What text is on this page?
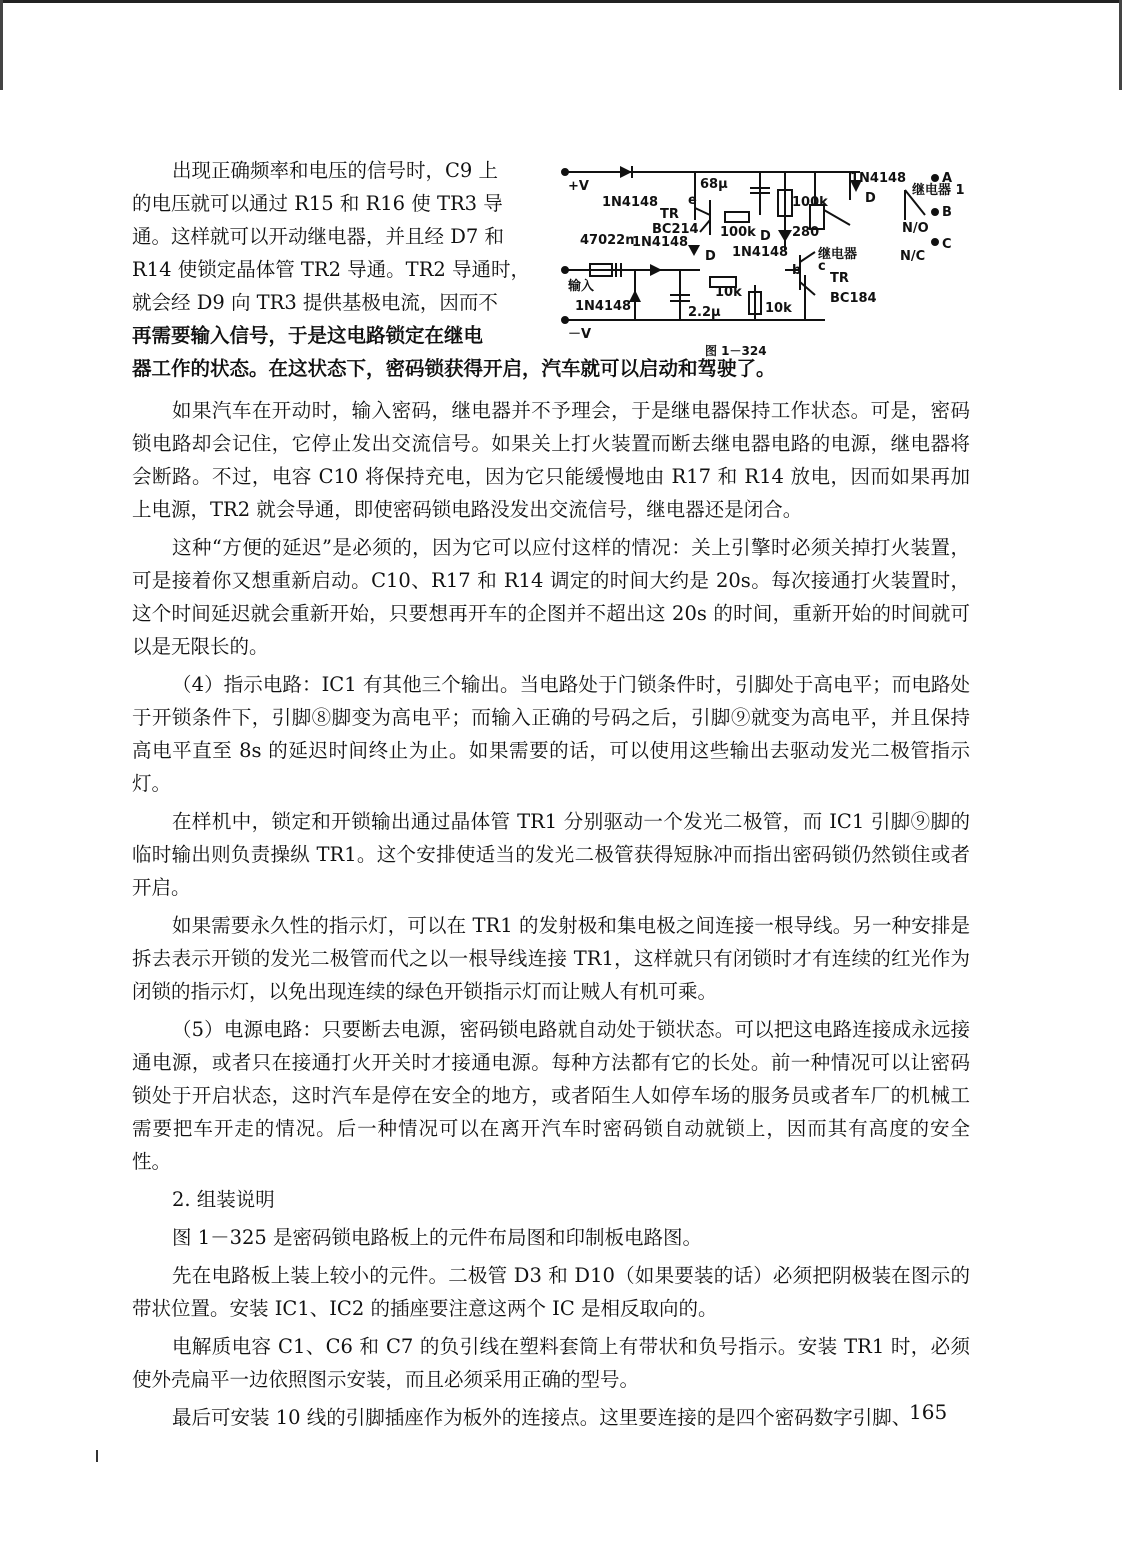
出现正确频率和电压的信号时，C9 上
的电压就可以通过 R15 和 R16 使 TR3 导
通。这样就可以开动继电器，并且经 D7 和
R14 使锁定晶体管 TR2 导通。TR2 导通时，
就会经 D9 向 TR3 提供基极电流，因而不
再需要输入信号，于是这电路锁定在继电
器工作的状态。在这状态下，密码锁获得开启，汽车就可以启动和驾驶了。
+V
－V
输入
1N4148
1N4148
1N4148
1N4148
1N4148
TR
BC214
TR
BC184
47022n
2.2μ
68μ
100k
100k
10k
10k
280
继电器
继电器 1
N/O
N/C
A
B
C
D
D
D
e
b c
图 1－324

如果汽车在开动时，输入密码，继电器并不予理会，于是继电器保持工作状态。可是，密码锁电路却会记住，它停止发出交流信号。如果关上打火装置而断去继电器电路的电源，继电器将会断路。不过，电容 C10 将保持充电，因为它只能缓慢地由 R17 和 R14 放电，因而如果再加上电源，TR2 就会导通，即使密码锁电路没发出交流信号，继电器还是闭合。

这种“方便的延迟”是必须的，因为它可以应付这样的情况：关上引擎时必须关掉打火装置，可是接着你又想重新启动。C10、R17 和 R14 调定的时间大约是 20s。每次接通打火装置时，这个时间延迟就会重新开始，只要想再开车的企图并不超出这 20s 的时间，重新开始的时间就可以是无限长的。

（4）指示电路：IC1 有其他三个输出。当电路处于门锁条件时，引脚处于高电平；而电路处于开锁条件下，引脚⑧脚变为高电平；而输入正确的号码之后，引脚⑨就变为高电平，并且保持高电平直至 8s 的延迟时间终止为止。如果需要的话，可以使用这些输出去驱动发光二极管指示灯。

在样机中，锁定和开锁输出通过晶体管 TR1 分别驱动一个发光二极管，而 IC1 引脚⑨脚的临时输出则负责操纵 TR1。这个安排使适当的发光二极管获得短脉冲而指出密码锁仍然锁住或者开启。

如果需要永久性的指示灯，可以在 TR1 的发射极和集电极之间连接一根导线。另一种安排是拆去表示开锁的发光二极管而代之以一根导线连接 TR1，这样就只有闭锁时才有连续的红光作为闭锁的指示灯，以免出现连续的绿色开锁指示灯而让贼人有机可乘。

（5）电源电路：只要断去电源，密码锁电路就自动处于锁状态。可以把这电路连接成永远接通电源，或者只在接通打火开关时才接通电源。每种方法都有它的长处。前一种情况可以让密码锁处于开启状态，这时汽车是停在安全的地方，或者陌生人如停车场的服务员或者车厂的机械工需要把车开走的情况。后一种情况可以在离开汽车时密码锁自动就锁上，因而其有高度的安全性。

2. 组装说明

图 1－325 是密码锁电路板上的元件布局图和印制板电路图。

先在电路板上装上较小的元件。二极管 D3 和 D10（如果要装的话）必须把阴极装在图示的带状位置。安装 IC1、IC2 的插座要注意这两个 IC 是相反取向的。

电解质电容 C1、C6 和 C7 的负引线在塑料套筒上有带状和负号指示。安装 TR1 时，必须使外壳扁平一边依照图示安装，而且必须采用正确的型号。

最后可安装 10 线的引脚插座作为板外的连接点。这里要连接的是四个密码数字引脚、

165
